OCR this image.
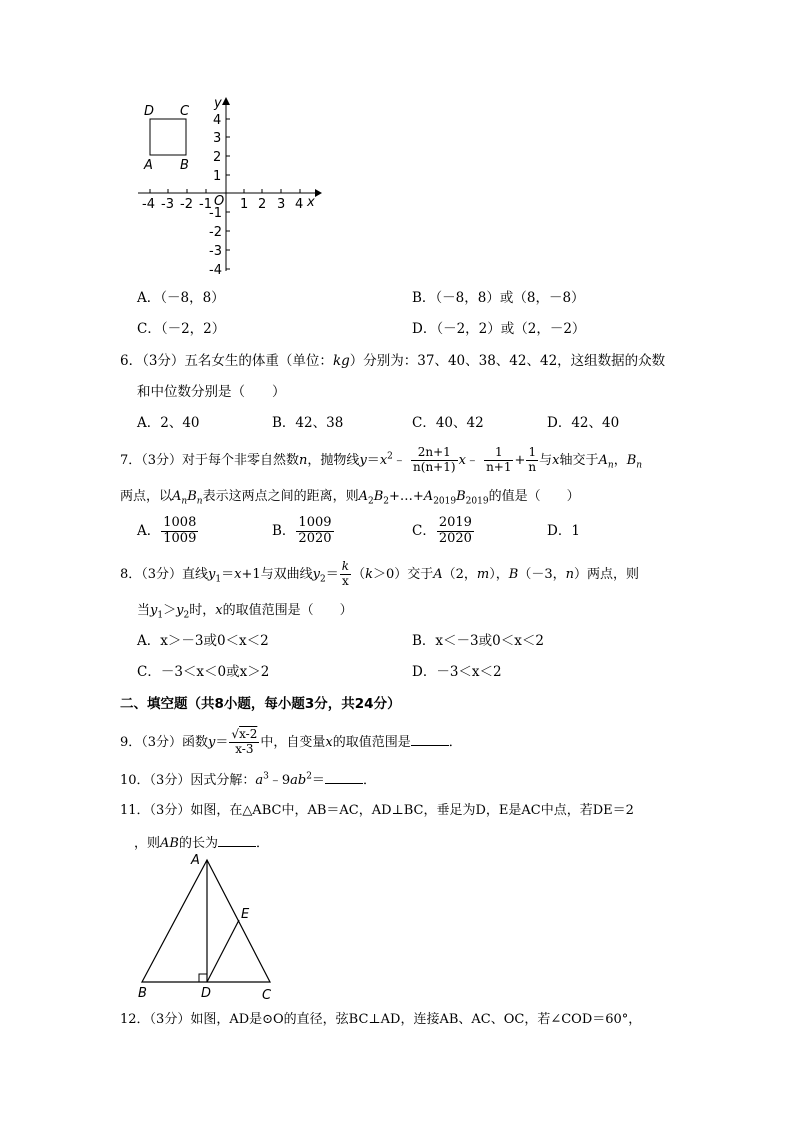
D C
A B
y
x
O
-4 -3 -2 -1 1 2 3 4
4
3
2
1
-1
-2
-3
-4
A．（－8，8）	B．（－8，8）或（8，－8）
C．（－2，2）	D．（－2，2）或（2，－2）
6．（3分）五名女生的体重（单位：kg）分别为：37、40、38、42、42，这组数据的众数
和中位数分别是（　　）
A．2、40	B．42、38	C．40、42	D．42、40
7．（3分）对于每个非零自然数n，抛物线$y=x^2﹣ \frac{2n+1}{n(n+1)}$ x﹣ $\frac{1}{n+1} + \frac{1}{n}$ 与x轴交于$A_n$，$B_n$
两点，以$A_nB_n$表示这两点之间的距离，则$A_2B_2+\dots+A_{2019}B_{2019}$的值是（　　）
A． $\frac{1008}{1009}$	B． $\frac{1009}{2020}$	C． $\frac{2019}{2020}$	D．1
8．（3分）直线$y_1=x+1$与双曲线$y_2= \frac{k}{x} (k>0)$交于A（2，m），B（－3，n）两点，则
当$y_1>y_2$时，x的取值范围是（　　）
A．x＞－3或0＜x＜2	B．x＜－3或0＜x＜2
C．－3＜x＜0或x＞2	D．－3＜x＜2
二、填空题（共8小题，每小题3分，共24分）
9．（3分）函数$y= \frac{√x-2}{x-3}$ 中，自变量x的取值范围是	．
10．（3分）因式分解：$a^3﹣9ab^2=$	．
11．（3分）如图，在△ABC中，AB＝AC，AD⊥BC，垂足为D，E是AC中点，若DE＝2
，则AB的长为	．
A
E
B	D	C
12．（3分）如图，AD是⊙O的直径，弦BC⊥AD，连接AB、AC、OC，若∠COD＝60°，
